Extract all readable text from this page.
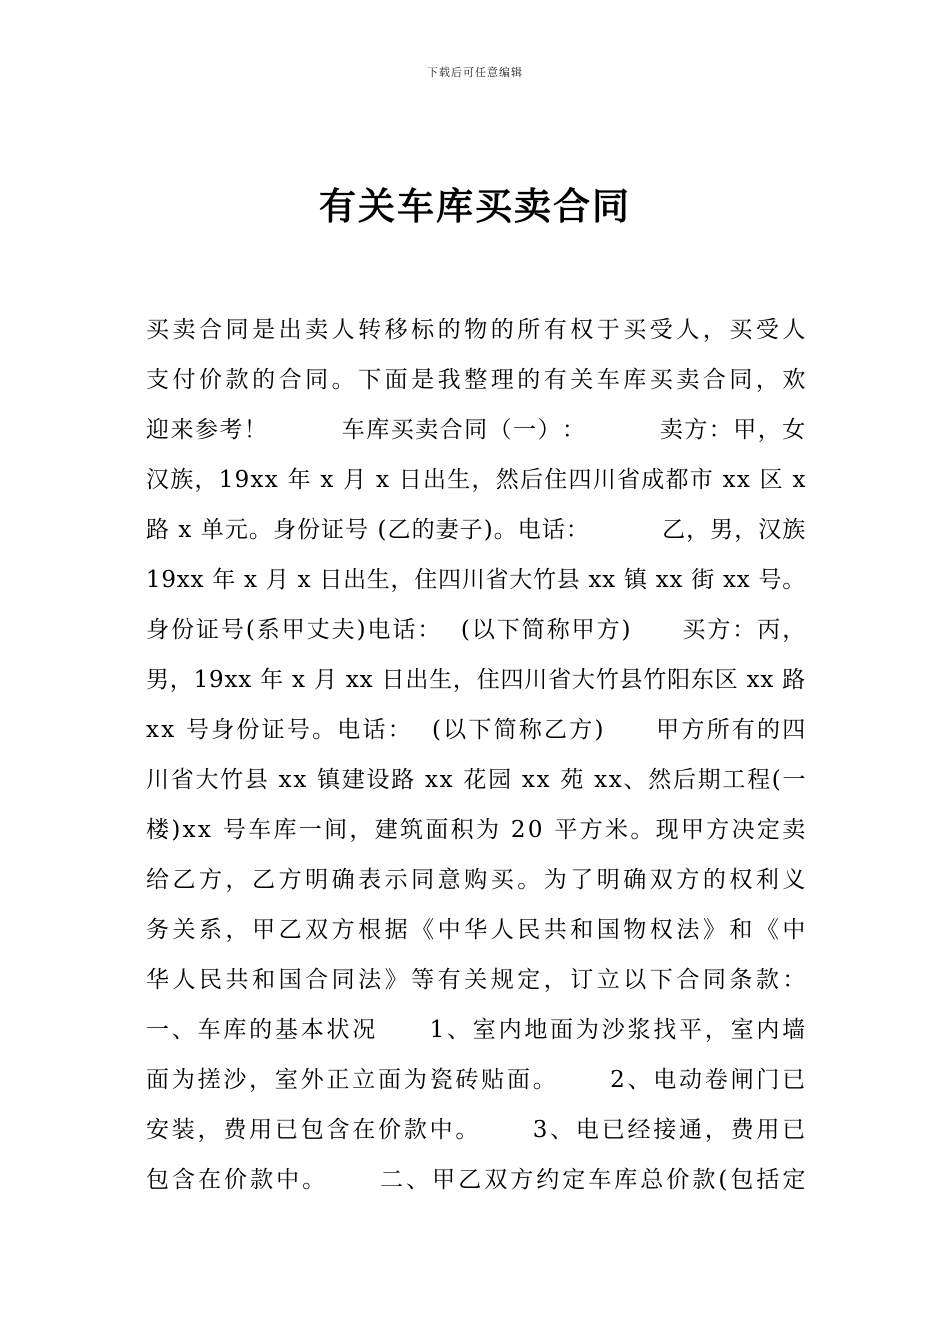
下载后可任意编辑
有关车库买卖合同
买 卖 合 同 是 出 卖 人 转 移 标 的 物 的 所 有 权 于 买 受 人 ， 买 受 人
支 付 价 款 的 合 同 。 下 面 是 我 整 理 的 有 关 车 库 买 卖 合 同 ， 欢
迎 来 参 考 ！

　	车 库 买 卖 合 同 （ 一 ） ：

　	卖 方 ： 甲 ， 女
汉 族 ， 1 9 x x
年
x
月
x
日 出 生 ， 然 后 住 四 川 省 成 都 市
x x
区
x
路
x
单 元 。 身 份 证 号
( 乙 的 妻 子 ) 。 电 话 ：

　	乙 ， 男 ， 汉 族
1 9 x x
年
x
月
x
日 出 生 ， 住 四 川 省 大 竹 县
x x
镇
x x
街
x x
号 。
身 份 证 号 ( 系 甲 丈 夫 ) 电 话 ：

( 以 下 简 称 甲 方 )

　 买 方 ： 丙 ，
男 ， 1 9 x x
年
x
月
x x
日 出 生 ， 住 四 川 省 大 竹 县 竹 阳 东 区
x x
路
x x
号 身 份 证 号 。 电 话 ：

( 以 下 简 称 乙 方 )

　 甲 方 所 有 的 四
川 省 大 竹 县
x x
镇 建 设 路
x x
花 园
x x
苑
x x 、 然 后 期 工 程 ( 一
楼 ) x x
号 车 库 一 间 ， 建 筑 面 积 为
2 0
平 方 米 。 现 甲 方 决 定 卖
给 乙 方 ， 乙 方 明 确 表 示 同 意 购 买 。 为 了 明 确 双 方 的 权 利 义
务 关 系 ， 甲 乙 双 方 根 据 《 中 华 人 民 共 和 国 物 权 法 》 和 《 中
华 人 民 共 和 国 合 同 法 》 等 有 关 规 定 ， 订 立 以 下 合 同 条 款 ：
一 、 车 库 的 基 本 状 况

　 1 、 室 内 地 面 为 沙 浆 找 平 ， 室 内 墙
面 为 搓 沙 ， 室 外 正 立 面 为 瓷 砖 贴 面 。

　 2 、 电 动 卷 闸 门 已
安 装 ， 费 用 已 包 含 在 价 款 中 。

　 3 、 电 已 经 接 通 ， 费 用 已
包 含 在 价 款 中 。

　 二 、 甲 乙 双 方 约 定 车 库 总 价 款 ( 包 括 定
